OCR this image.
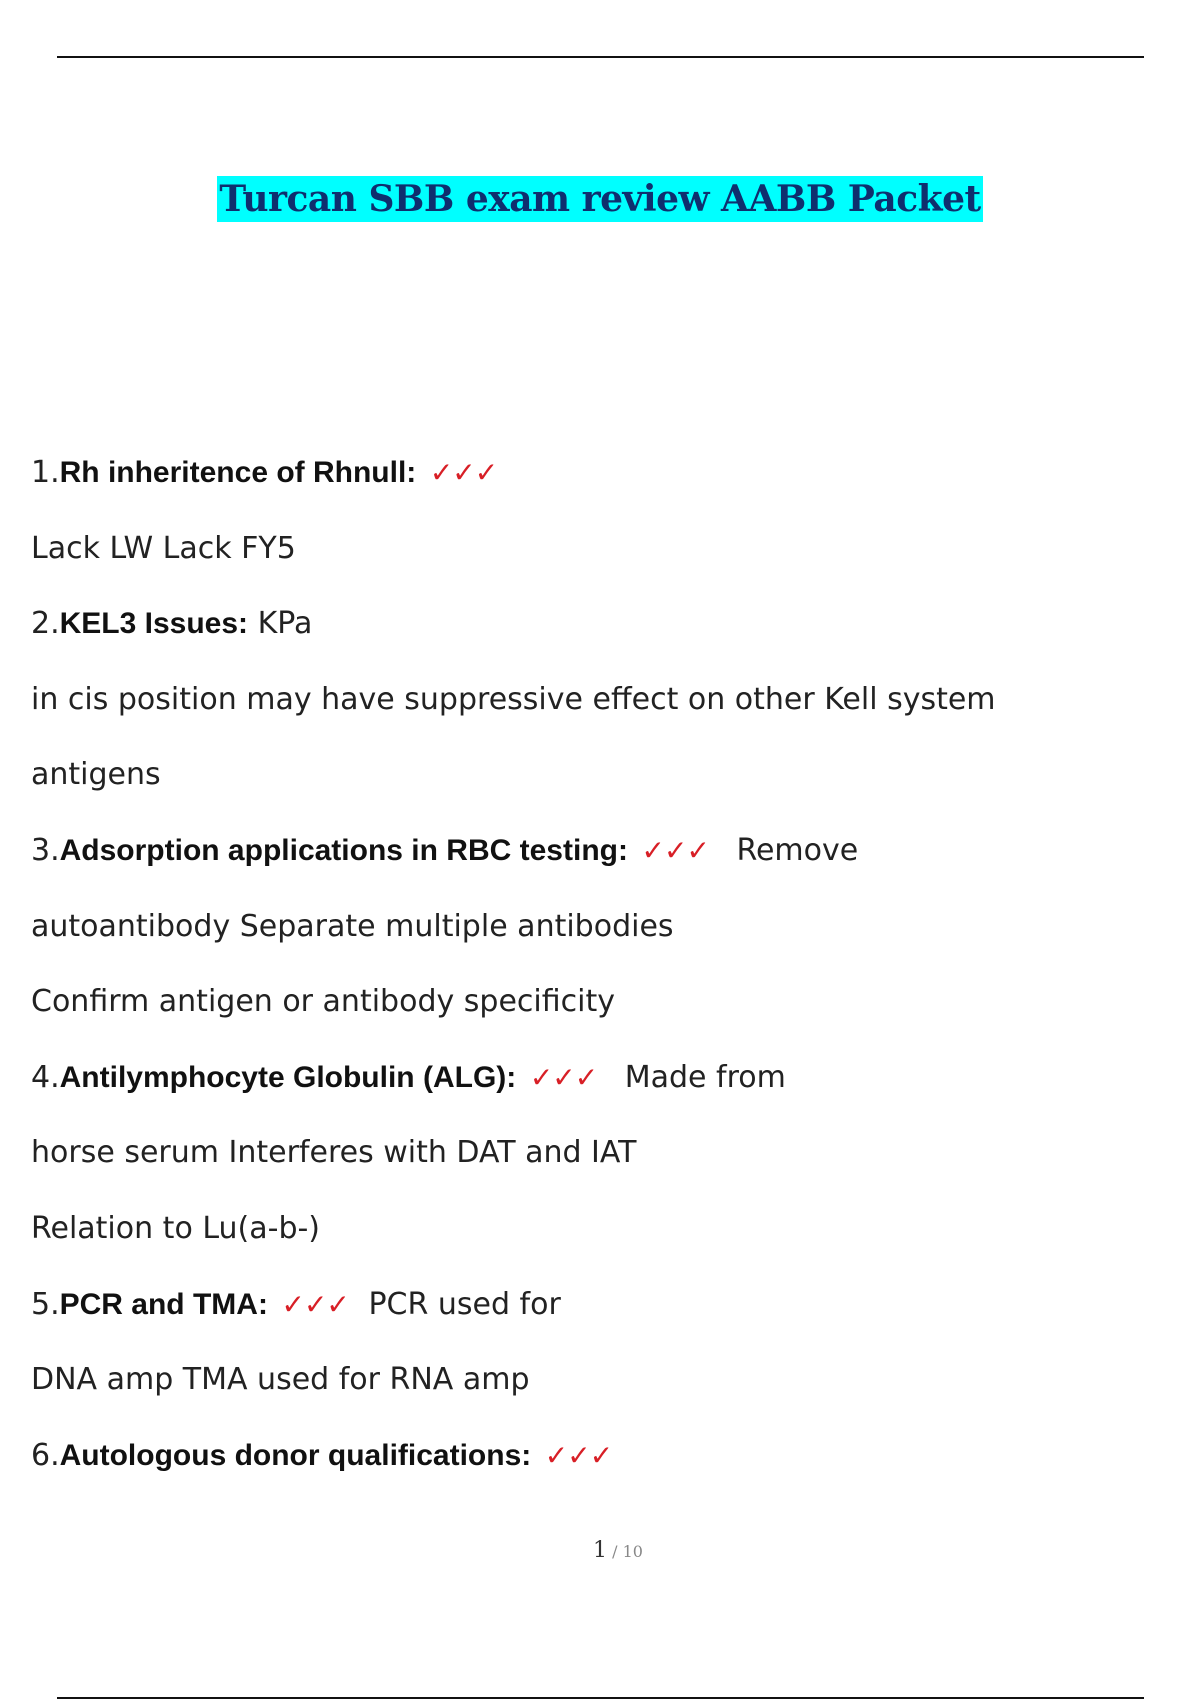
Turcan SBB exam review AABB Packet
1.Rh inheritence of Rhnull: ✓✓✓
Lack LW Lack FY5
2.KEL3 Issues: KPa
in cis position may have suppressive effect on other Kell system
antigens
3.Adsorption applications in RBC testing: ✓✓✓ Remove
autoantibody Separate multiple antibodies
Confirm antigen or antibody specificity
4.Antilymphocyte Globulin (ALG): ✓✓✓ Made from
horse serum Interferes with DAT and IAT
Relation to Lu(a-b-)
5.PCR and TMA: ✓✓✓ PCR used for
DNA amp TMA used for RNA amp
6.Autologous donor qualifications: ✓✓✓
1 / 10
